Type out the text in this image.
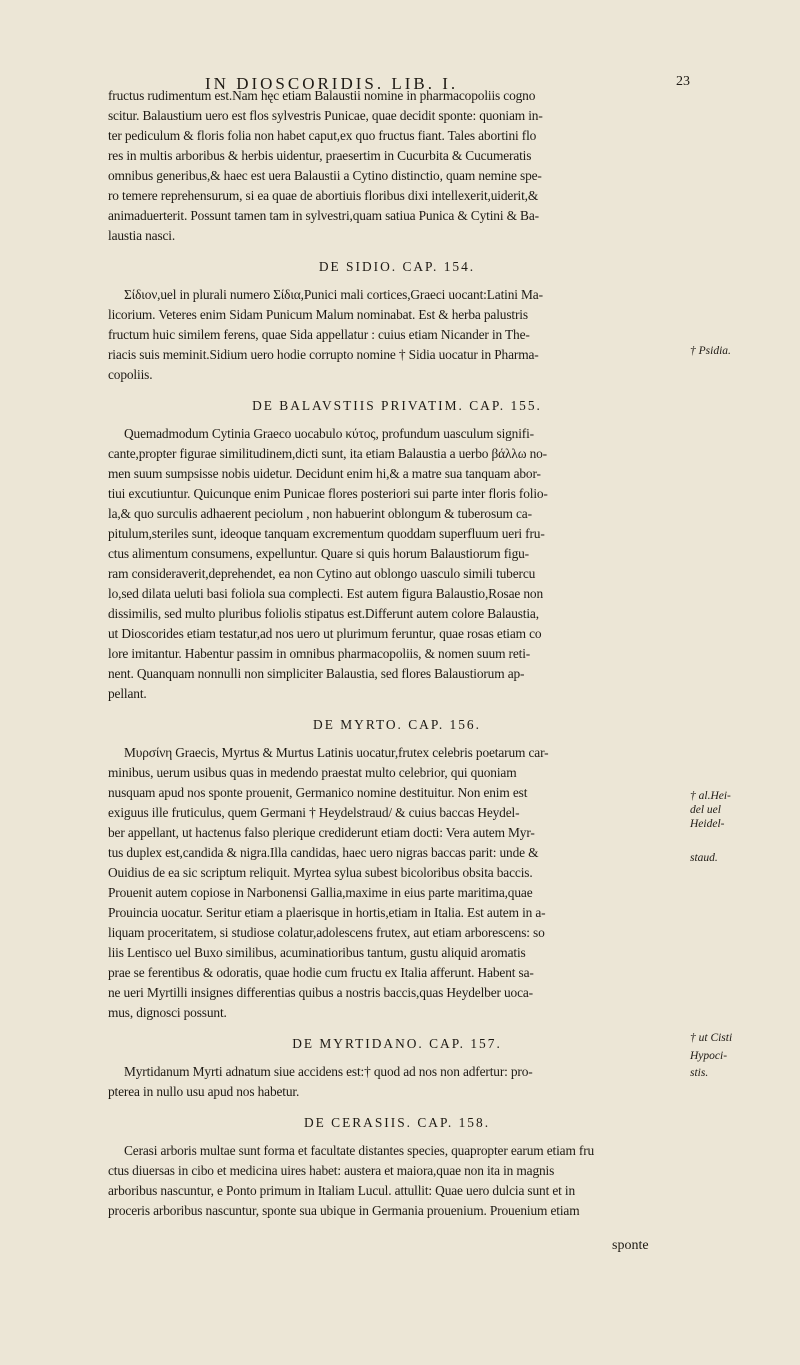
IN DIOSCORIDIS. LIB. I.	23
fructus rudimentum est.Nam hęc etiam Balaustii nomine in pharmacopoliis cogno
scitur. Balaustium uero est flos sylvestris Punicae, quae decidit sponte: quoniam in-
ter pediculum & floris folia non habet caput,ex quo fructus fiant. Tales abortini flo
res in multis arboribus & herbis uidentur, praesertim in Cucurbita & Cucumeratis
omnibus generibus,& haec est uera Balaustii a Cytino distinctio, quam nemine spe-
ro temere reprehensurum, si ea quae de abortiuis floribus dixi intellexerit,uiderit,&
animaduerterit. Possunt tamen tam in sylvestri,quam satiua Punica & Cytini & Ba-
laustia nasci.
DE SIDIO. CAP. 154.
Σίδιον,uel in plurali numero Σίδια,Punici mali cortices,Graeci uocant:Latini Ma-
licorium. Veteres enim Sidam Punicum Malum nominabat. Est & herba palustris
fructum huic similem ferens, quae Sida appellatur : cuius etiam Nicander in The-
riacis suis meminit.Sidium uero hodie corrupto nomine † Sidia uocatur in Pharma-
copoliis.
DE BALAVSTIIS PRIVATIM. CAP. 155.
Quemadmodum Cytinia Graeco uocabulo κύτος, profundum uasculum signifi-
cante,propter figurae similitudinem,dicti sunt, ita etiam Balaustia a uerbo βάλλω no-
men suum sumpsisse nobis uidetur. Decidunt enim hi,& a matre sua tanquam abor-
tiui excutiuntur. Quicunque enim Punicae flores posteriori sui parte inter floris folio-
la,& quo surculis adhaerent peciolum , non habuerint oblongum & tuberosum ca-
pitulum,steriles sunt, ideoque tanquam excrementum quoddam superfluum ueri fru-
ctus alimentum consumens, expelluntur. Quare si quis horum Balaustiorum figu-
ram consideraverit,deprehendet, ea non Cytino aut oblongo uasculo simili tubercu
lo,sed dilata ueluti basi foliola sua complecti. Est autem figura Balaustio,Rosae non
dissimilis, sed multo pluribus foliolis stipatus est.Differunt autem colore Balaustia,
ut Dioscorides etiam testatur,ad nos uero ut plurimum feruntur, quae rosas etiam co
lore imitantur. Habentur passim in omnibus pharmacopoliis, & nomen suum reti-
nent. Quanquam nonnulli non simpliciter Balaustia, sed flores Balaustiorum ap-
pellant.
DE MYRTO. CAP. 156.
Μυρσίνη Graecis, Myrtus & Murtus Latinis uocatur,frutex celebris poetarum car-
minibus, uerum usibus quas in medendo praestat multo celebrior, qui quoniam
nusquam apud nos sponte prouenit, Germanico nomine destituitur. Non enim est
exiguus ille fruticulus, quem Germani † Heydelstraud/ & cuius baccas Heydel-
ber appellant, ut hactenus falso plerique crediderunt etiam docti: Vera autem Myr-
tus duplex est,candida & nigra.Illa candidas, haec uero nigras baccas parit: unde &
Ouidius de ea sic scriptum reliquit. Myrtea sylua subest bicoloribus obsita baccis.
Prouenit autem copiose in Narbonensi Gallia,maxime in eius parte maritima,quae
Prouincia uocatur. Seritur etiam a plaerisque in hortis,etiam in Italia. Est autem in a-
liquam proceritatem, si studiose colatur,adolescens frutex, aut etiam arborescens: so
liis Lentisco uel Buxo similibus, acuminatioribus tantum, gustu aliquid aromatis
prae se ferentibus & odoratis, quae hodie cum fructu ex Italia afferunt. Habent sa-
ne ueri Myrtilli insignes differentias quibus a nostris baccis,quas Heydelber uoca-
mus, dignosci possunt.
DE MYRTIDANO. CAP. 157.
Myrtidanum Myrti adnatum siue accidens est:† quod ad nos non adfertur: pro-
pterea in nullo usu apud nos habetur.
DE CERASIIS. CAP. 158.
Cerasi arboris multae sunt forma et facultate distantes species, quapropter earum etiam fru
ctus diuersas in cibo et medicina uires habet: austera et maiora,quae non ita in magnis
arboribus nascuntur, e Ponto primum in Italiam Lucul. attullit: Quae uero dulcia sunt et in
proceris arboribus nascuntur, sponte sua ubique in Germania prouenium. Prouenium etiam
† Psidia.
† al.Hei-
del uel
Heidel-
staud.
† ut Cisti
Hypoci-
stis.
sponte
